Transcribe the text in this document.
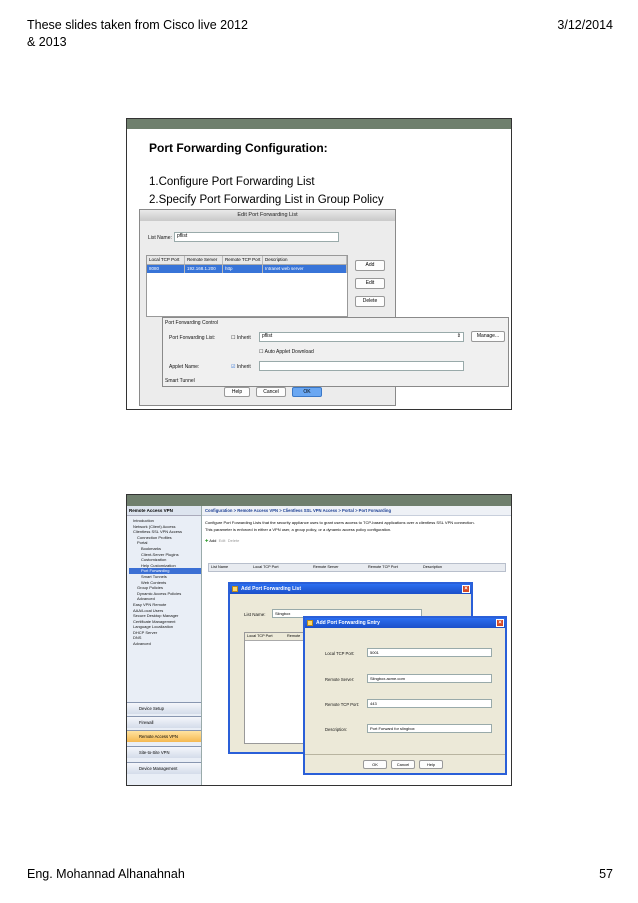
These slides taken from Cisco live 2012 & 2013
3/12/2014
Port Forwarding Configuration:
1.Configure Port Forwarding List
2.Specify Port Forwarding List in Group Policy
Edit Port Forwarding List
List Name:	pflist
Local TCP Port	Remote Server	Remote TCP Port	Description
8080	192.168.1.200	http	Intranet web server
Add
Edit
Delete
Help	Cancel	OK
Port Forwarding Control
Port Forwarding List:	☐ Inherit	pflist	⇕	Manage...
☐ Auto Applet Download
Applet Name:	☑ Inherit
Smart Tunnel
Remote Access VPN
Introduction
Network (Client) Access
Clientless SSL VPN Access
Connection Profiles
Portal
Bookmarks
Client-Server Plugins
Customization
Help Customization
Port Forwarding
Smart Tunnels
Web Contents
Group Policies
Dynamic Access Policies
Advanced
Easy VPN Remote
AAA/Local Users
Secure Desktop Manager
Certificate Management
Language Localization
DHCP Server
DNS
Advanced
Device Setup
Firewall
Remote Access VPN
Site-to-Site VPN
Device Management
Configuration > Remote Access VPN > Clientless SSL VPN Access > Portal > Port Forwarding
Configure Port Forwarding Lists that the security appliance uses to grant users access to TCP-based applications over a clientless SSL VPN connection.
This parameter is enforced in either a VPN user, a group policy, or a dynamic access policy configuration.
✚ Add Edit Delete
List Name	Local TCP Port	Remote Server	Remote TCP Port	Description
Add Port Forwarding List	×
List Name:	Slingbox
Local TCP Port	Remote
Add Port Forwarding Entry	×
Local TCP Port:	5001
Remote Server:	Slingbox.acme.com
Remote TCP Port:	443
Description:	Port Forward for slingbox
OK	Cancel	Help
Eng. Mohannad Alhanahnah	57
